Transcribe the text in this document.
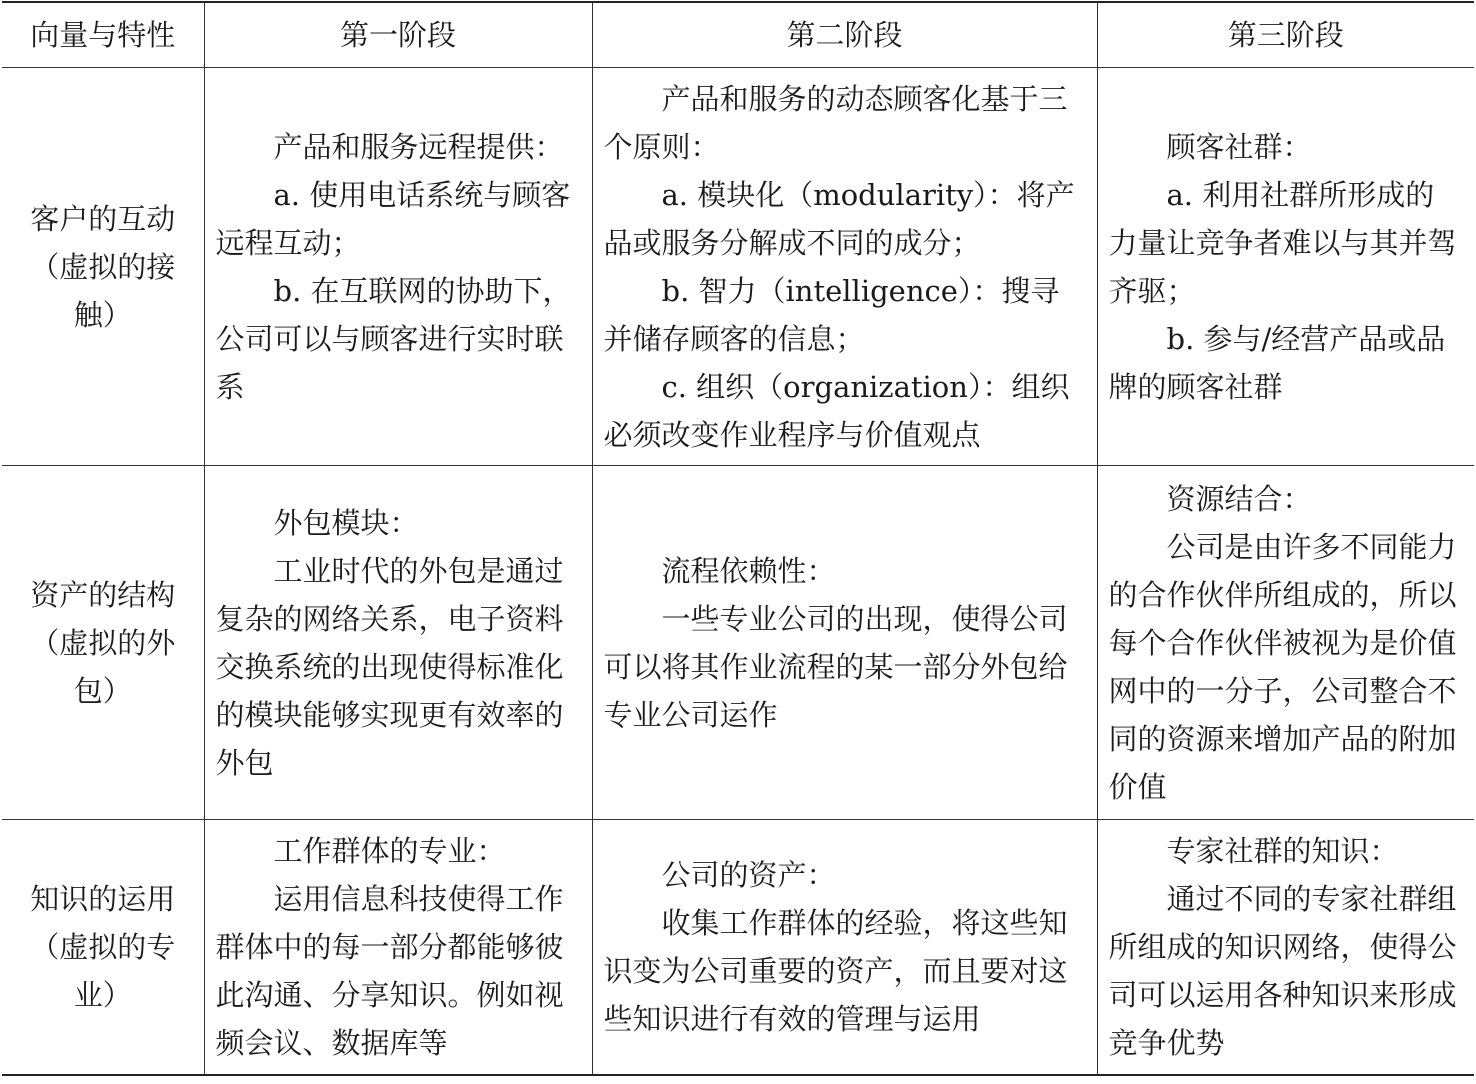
向量与特性	第一阶段	第二阶段	第三阶段
客户的互动（虚拟的接触）	产品和服务远程提供：
a. 使用电话系统与顾客远程互动；
b. 在互联网的协助下，公司可以与顾客进行实时联系	产品和服务的动态顾客化基于三个原则：
a. 模块化（modularity）：将产品或服务分解成不同的成分；
b. 智力（intelligence）：搜寻并储存顾客的信息；
c. 组织（organization）：组织必须改变作业程序与价值观点	顾客社群：
a. 利用社群所形成的力量让竞争者难以与其并驾齐驱；
b. 参与/经营产品或品牌的顾客社群

资产的结构（虚拟的外包）	外包模块：
工业时代的外包是通过复杂的网络关系，电子资料交换系统的出现使得标准化的模块能够实现更有效率的外包	流程依赖性：
一些专业公司的出现，使得公司可以将其作业流程的某一部分外包给专业公司运作	资源结合：
公司是由许多不同能力的合作伙伴所组成的，所以每个合作伙伴被视为是价值网中的一分子，公司整合不同的资源来增加产品的附加价值

知识的运用（虚拟的专业）	工作群体的专业：
运用信息科技使得工作群体中的每一部分都能够彼此沟通、分享知识。例如视频会议、数据库等	公司的资产：
收集工作群体的经验，将这些知识变为公司重要的资产，而且要对这些知识进行有效的管理与运用	专家社群的知识：
通过不同的专家社群组所组成的知识网络，使得公司可以运用各种知识来形成竞争优势
